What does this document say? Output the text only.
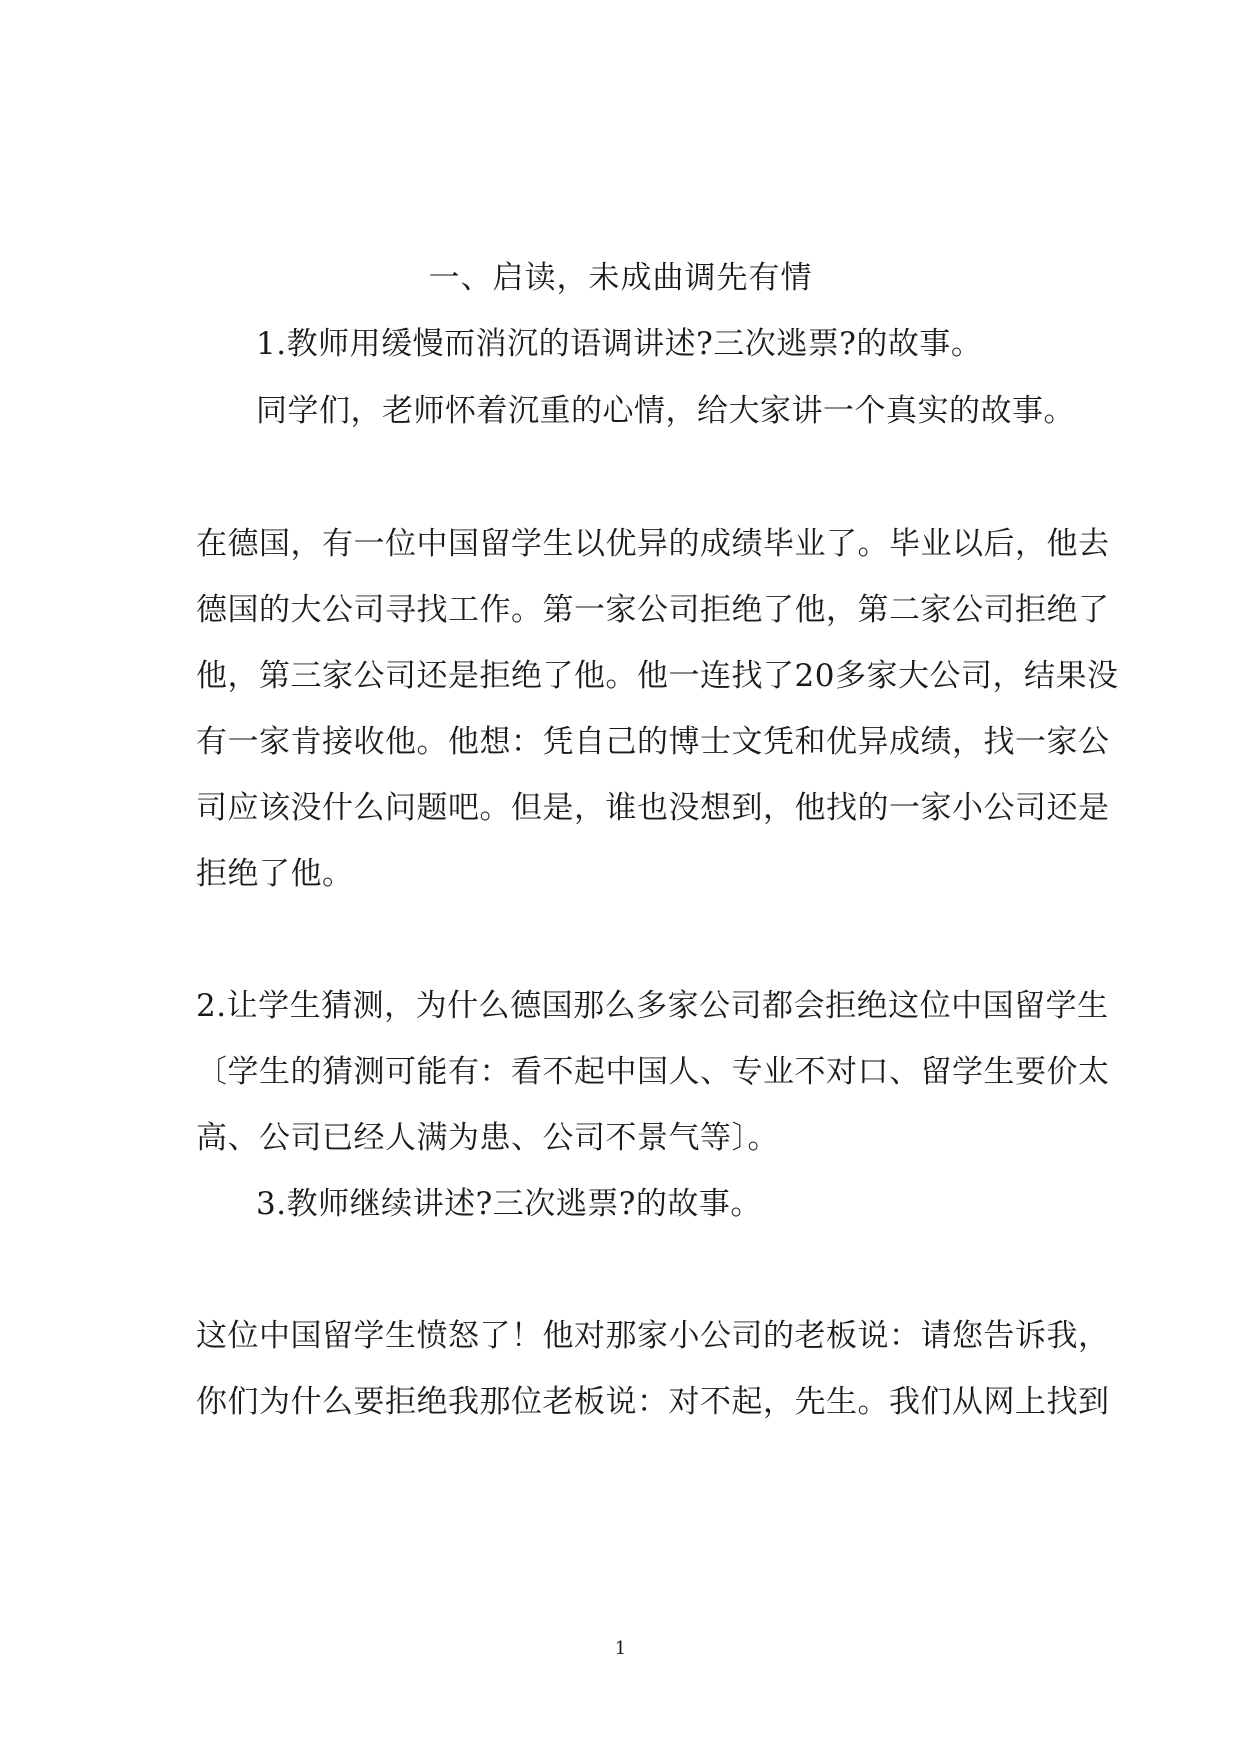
一、启读，未成曲调先有情
1.教师用缓慢而消沉的语调讲述?三次逃票?的故事。
同学们，老师怀着沉重的心情，给大家讲一个真实的故事。
在德国，有一位中国留学生以优异的成绩毕业了。毕业以后，他去
德国的大公司寻找工作。第一家公司拒绝了他，第二家公司拒绝了
他，第三家公司还是拒绝了他。他一连找了20多家大公司，结果没
有一家肯接收他。他想：凭自己的博士文凭和优异成绩，找一家公
司应该没什么问题吧。但是，谁也没想到，他找的一家小公司还是
拒绝了他。
2.让学生猜测，为什么德国那么多家公司都会拒绝这位中国留学生
〔学生的猜测可能有：看不起中国人、专业不对口、留学生要价太
高、公司已经人满为患、公司不景气等〕。
3.教师继续讲述?三次逃票?的故事。
这位中国留学生愤怒了！他对那家小公司的老板说：请您告诉我，
你们为什么要拒绝我那位老板说：对不起，先生。我们从网上找到
1
